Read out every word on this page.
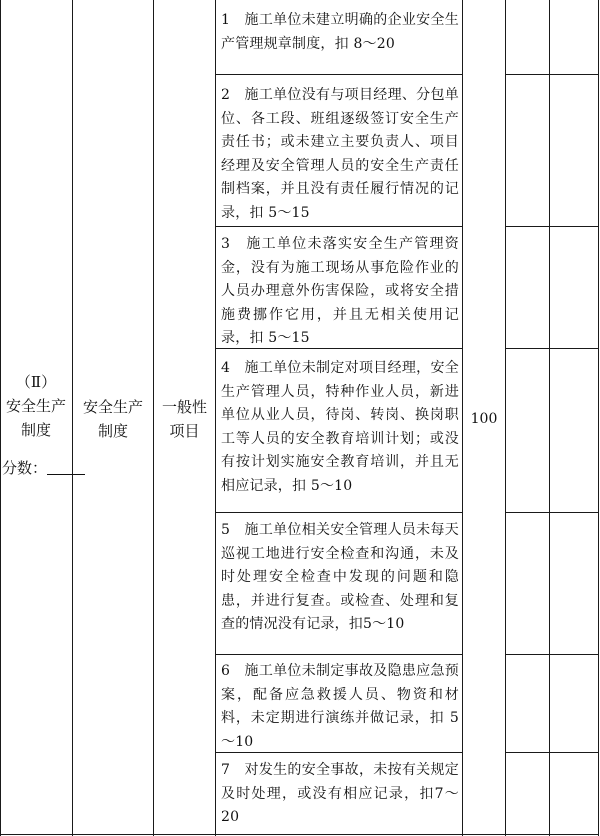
（Ⅱ）
安全生产
制度
分数：
安全生产
制度
一般性
项目
1　施工单位未建立明确的企业安全生产管理规章制度，扣 8～20
2　施工单位没有与项目经理、分包单位、各工段、班组逐级签订安全生产责任书；或未建立主要负责人、项目经理及安全管理人员的安全生产责任制档案，并且没有责任履行情况的记录，扣 5～15
3　施工单位未落实安全生产管理资金，没有为施工现场从事危险作业的人员办理意外伤害保险，或将安全措施费挪作它用，并且无相关使用记录，扣 5～15
4　施工单位未制定对项目经理，安全生产管理人员，特种作业人员，新进单位从业人员，待岗、转岗、换岗职工等人员的安全教育培训计划；或没有按计划实施安全教育培训，并且无相应记录，扣 5～10
5　施工单位相关安全管理人员未每天巡视工地进行安全检查和沟通，未及时处理安全检查中发现的问题和隐患，并进行复查。或检查、处理和复查的情况没有记录，扣5～10
6　施工单位未制定事故及隐患应急预案，配备应急救援人员、物资和材料，未定期进行演练并做记录，扣 5～10
7　对发生的安全事故，未按有关规定及时处理，或没有相应记录，扣7～20
100
